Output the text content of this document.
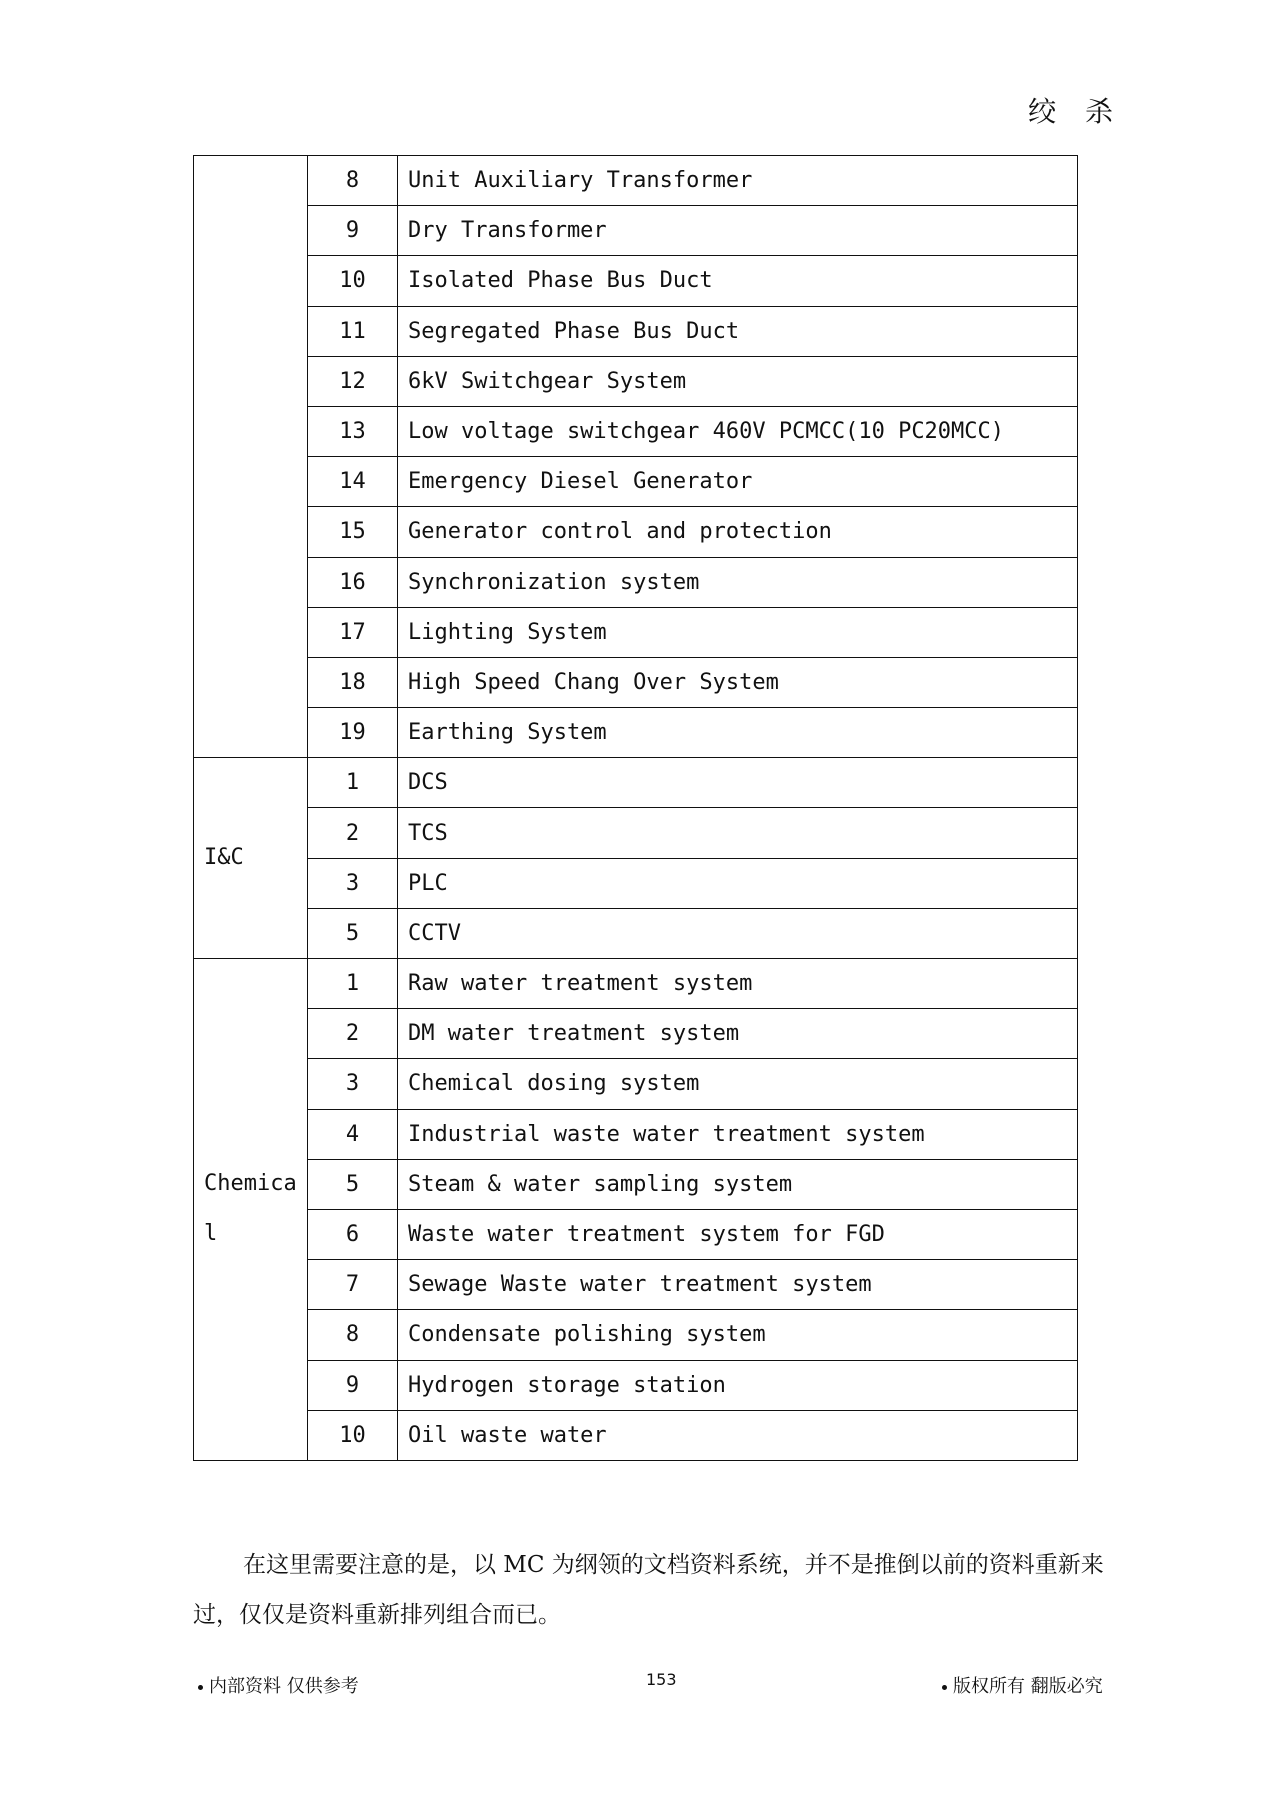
绞 杀
	8	Unit Auxiliary Transformer
	9	Dry Transformer
	10	Isolated Phase Bus Duct
	11	Segregated Phase Bus Duct
	12	6kV Switchgear System
	13	Low voltage switchgear 460V PCMCC(10 PC20MCC)
	14	Emergency Diesel Generator
	15	Generator control and protection
	16	Synchronization system
	17	Lighting System
	18	High Speed Chang Over System
	19	Earthing System

I&C	1	DCS
	2	TCS
	3	PLC
	5	CCTV

Chemical	1	Raw water treatment system
	2	DM water treatment system
	3	Chemical dosing system
	4	Industrial waste water treatment system
	5	Steam & water sampling system
	6	Waste water treatment system for FGD
	7	Sewage Waste water treatment system
	8	Condensate polishing system
	9	Hydrogen storage station
	10	Oil waste water
在这里需要注意的是，以 MC 为纲领的文档资料系统，并不是推倒以前的资料重新来过，仅仅是资料重新排列组合而已。
内部资料 仅供参考	153	版权所有 翻版必究
